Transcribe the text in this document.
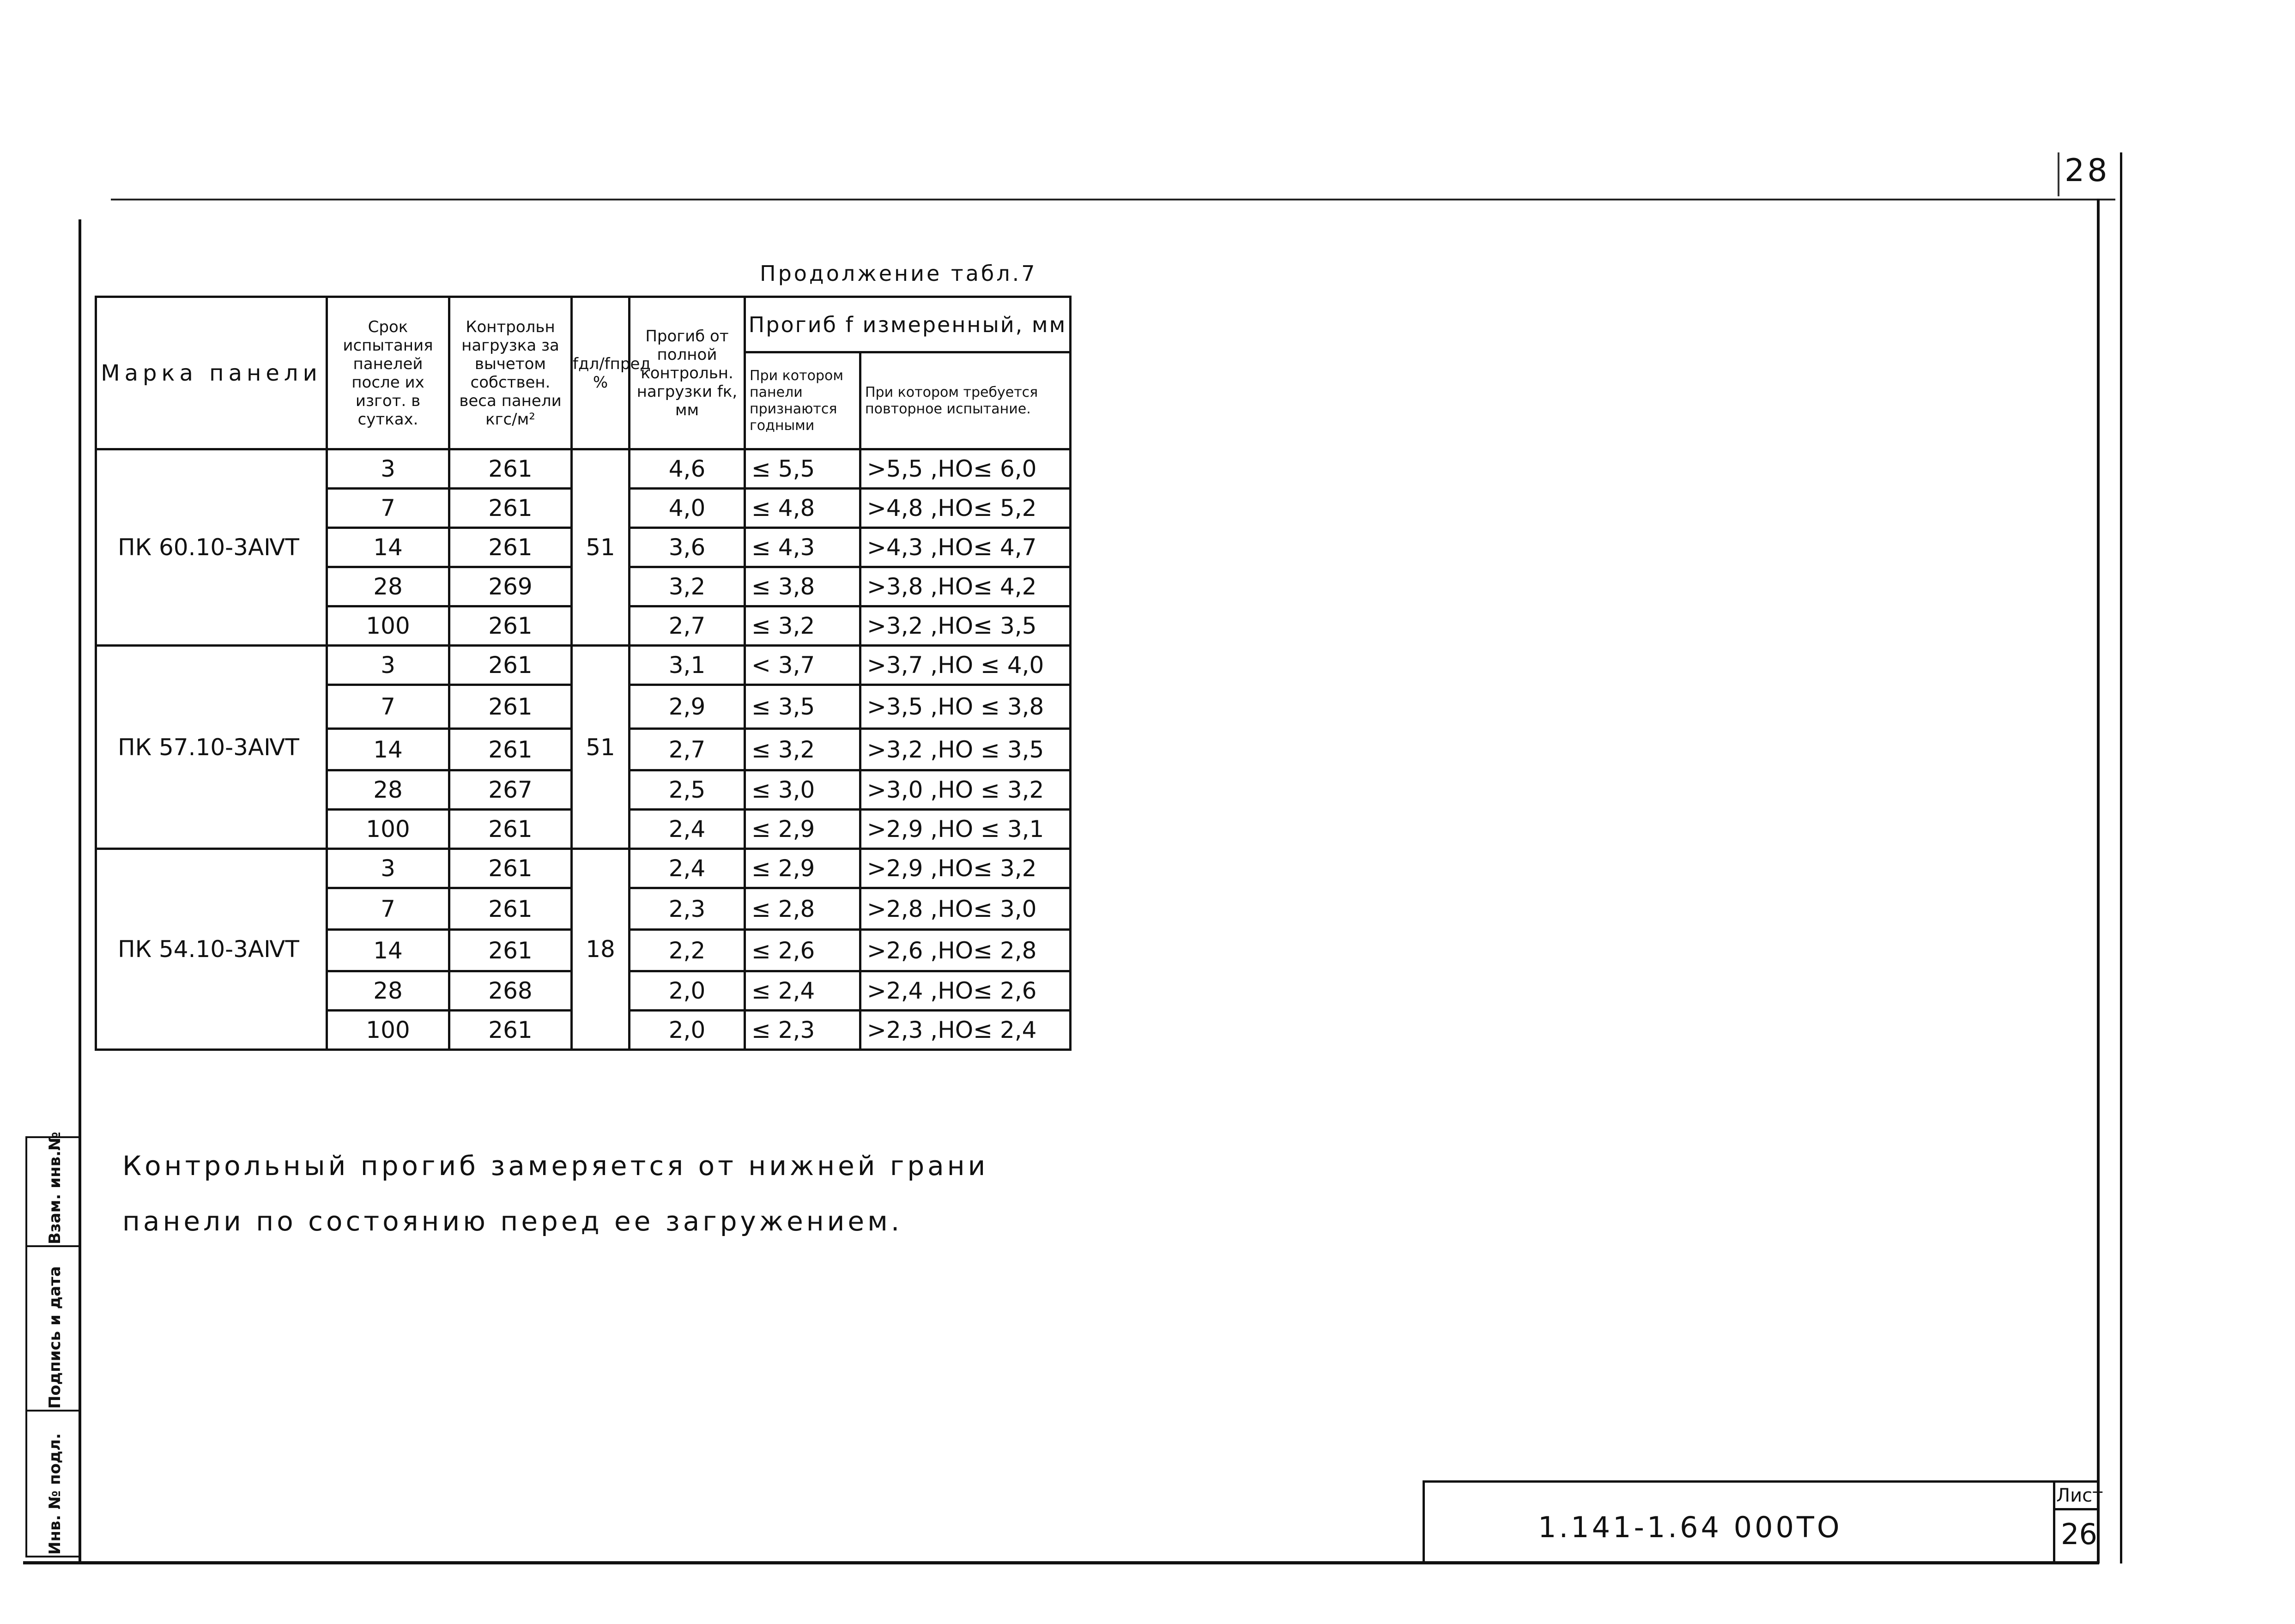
28
Продолжение табл.7
Марка панели	Срок испытания панелей после их изгот. в сутках.	Контрольн нагрузка за вычетом собствен. веса панели кгс/м²	fдл/fпред %	Прогиб от полной контрольн. нагрузки fк, мм	Прогиб f измеренный, мм	
					При котором панели признаются годными	При котором требуется повторное испытание.
ПК 60.10-3АⅣТ	3	261	51	4,6	≤ 5,5	>5,5 ,НО≤ 6,0
	7	261		4,0	≤ 4,8	>4,8 ,НО≤ 5,2
	14	261		3,6	≤ 4,3	>4,3 ,НО≤ 4,7
	28	269		3,2	≤ 3,8	>3,8 ,НО≤ 4,2
	100	261		2,7	≤ 3,2	>3,2 ,НО≤ 3,5
ПК 57.10-3АⅣТ	3	261	51	3,1	< 3,7	>3,7 ,НО ≤ 4,0
	7	261		2,9	≤ 3,5	>3,5 ,НО ≤ 3,8
	14	261		2,7	≤ 3,2	>3,2 ,НО ≤ 3,5
	28	267		2,5	≤ 3,0	>3,0 ,НО ≤ 3,2
	100	261		2,4	≤ 2,9	>2,9 ,НО ≤ 3,1
ПК 54.10-3АⅣТ	3	261	18	2,4	≤ 2,9	>2,9 ,НО≤ 3,2
	7	261		2,3	≤ 2,8	>2,8 ,НО≤ 3,0
	14	261		2,2	≤ 2,6	>2,6 ,НО≤ 2,8
	28	268		2,0	≤ 2,4	>2,4 ,НО≤ 2,6
	100	261		2,0	≤ 2,3	>2,3 ,НО≤ 2,4
Контрольный прогиб замеряется от нижней грани
панели по состоянию перед ее загружением.
Взам. инв.№
Подпись и дата
Инв. № подл.	1.141-1.64 000ТО
Лист
26
